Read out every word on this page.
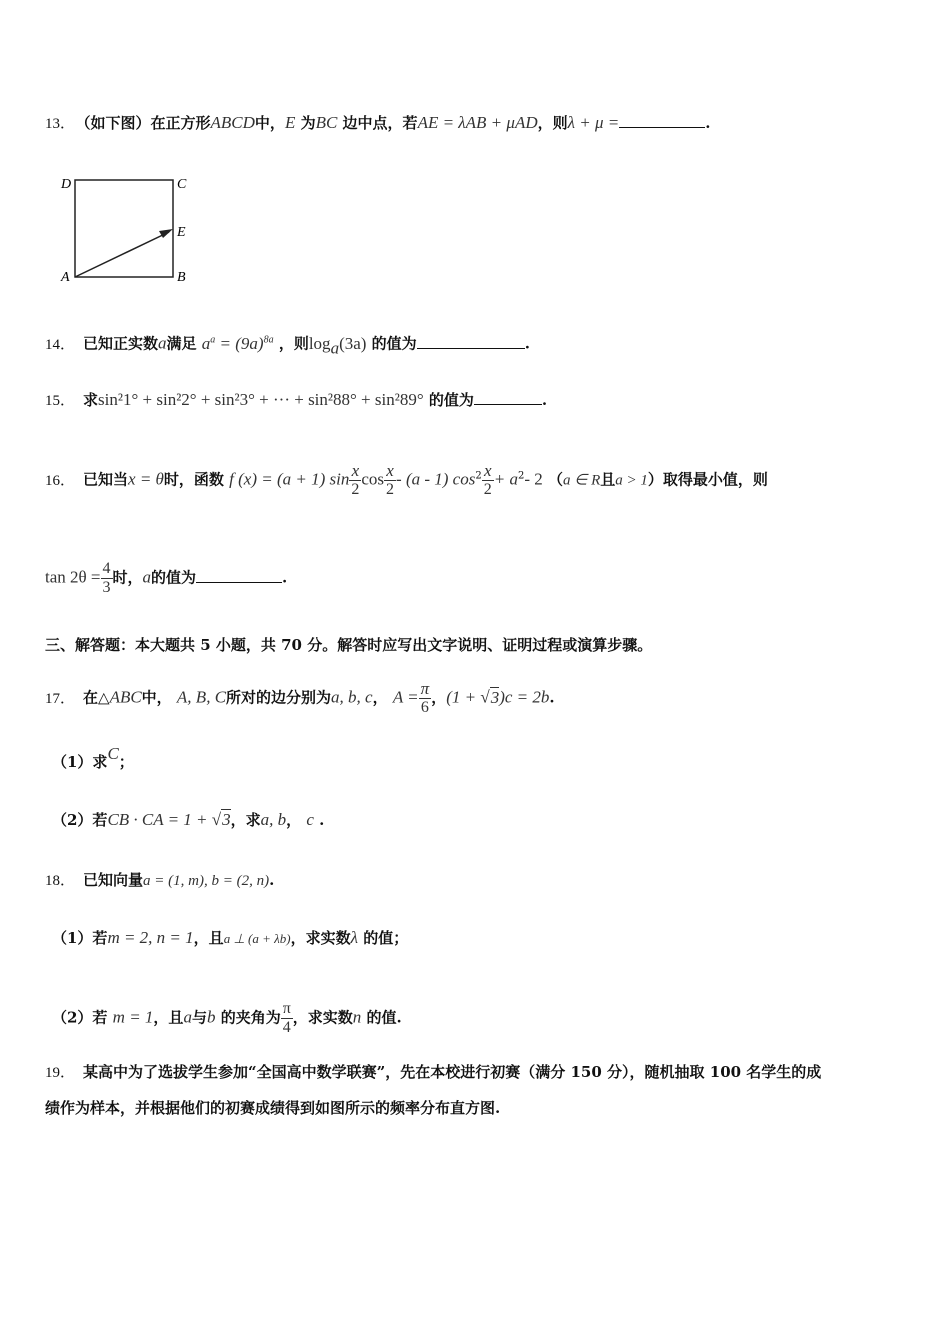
13． （如下图）在正方形ABCD中，E 为BC 边中点，若AE = λAB + μAD，则λ + μ =	.
D	C
E
A	B
14． 已知正实数a满足 $a^a = (9a)^{8a}$ ，则$\log_a(3a)$ 的值为	.
15． 求sin²1° + sin²2° + sin²3° + ··· + sin²88° + sin²89° 的值为	.
16． 已知当x = θ时，函数 f (x) = (a + 1) $\sin \frac{x}{2}$ $\cos \frac{x}{2} - (a - 1)$ $\cos^2 \frac{x}{2} + a^2-$ 2 （a ∈ R且a > 1）取得最小值，则
$\tan 2\theta = \frac{4}{3}$ 时，a的值为	.
三、解答题：本大题共 5 小题，共 70 分。解答时应写出文字说明、证明过程或演算步骤。
17． 在△ABC中， A, B, C所对的边分别为a, b, c， $A = \frac{\pi}{6}$ ，(1 + √3)c = 2b.
（1）求C；
（2）若CB · CA = 1 + √3，求a, b， c .
18． 已知向量a = (1, m), b = (2, n).
（1）若m = 2, n = 1，且a ⊥ (a + λb)，求实数λ 的值；
（2）若 m = 1，且a与b 的夹角为 $\frac{\pi}{4}$ ，求实数n 的值.
19． 某高中为了选拔学生参加“全国高中数学联赛”，先在本校进行初赛（满分 150 分），随机抽取 100 名学生的成
绩作为样本，并根据他们的初赛成绩得到如图所示的频率分布直方图.
